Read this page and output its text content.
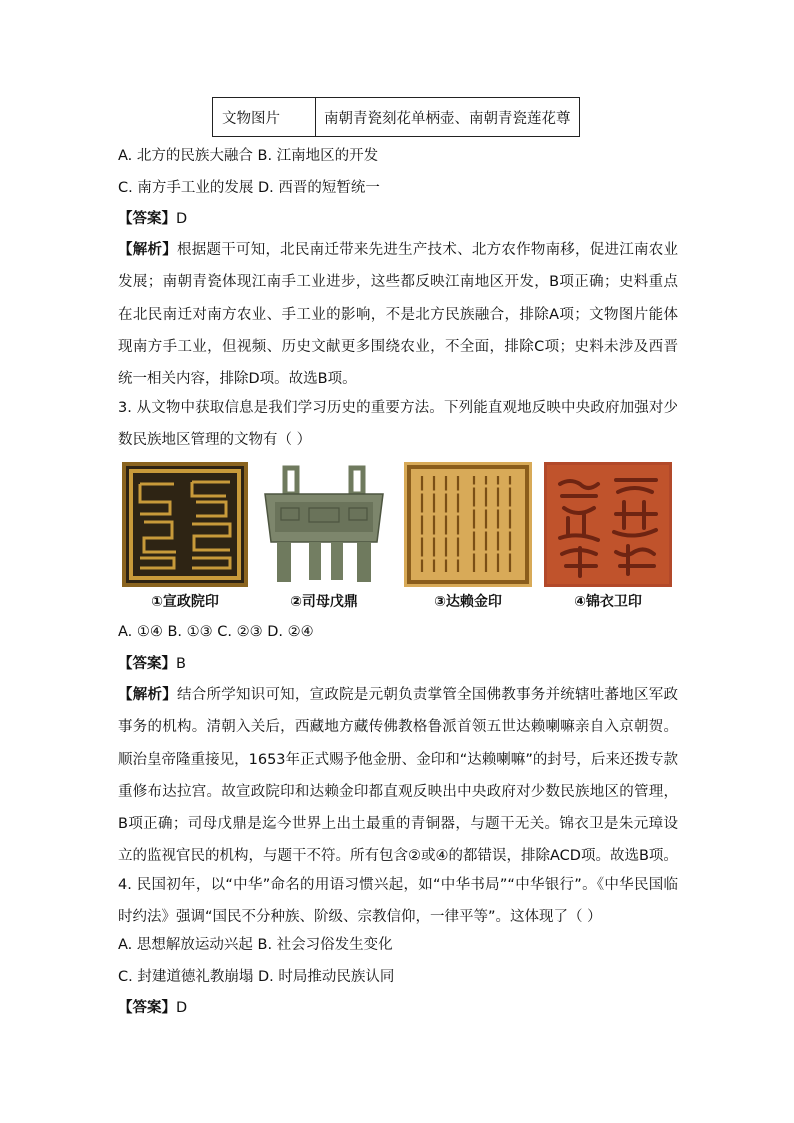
文物图片	南朝青瓷刻花单柄壶、南朝青瓷莲花尊
A. 北方的民族大融合 B. 江南地区的开发
C. 南方手工业的发展 D. 西晋的短暂统一
【答案】D
【解析】根据题干可知，北民南迁带来先进生产技术、北方农作物南移，促进江南农业发展；南朝青瓷体现江南手工业进步，这些都反映江南地区开发，B项正确；史料重点在北民南迁对南方农业、手工业的影响，不是北方民族融合，排除A项；文物图片能体现南方手工业，但视频、历史文献更多围绕农业，不全面，排除C项；史料未涉及西晋统一相关内容，排除D项。故选B项。
3. 从文物中获取信息是我们学习历史的重要方法。下列能直观地反映中央政府加强对少数民族地区管理的文物有（ ）
①宣政院印	②司母戊鼎	③达赖金印	④锦衣卫印
A. ①④ B. ①③ C. ②③ D. ②④
【答案】B
【解析】结合所学知识可知，宣政院是元朝负责掌管全国佛教事务并统辖吐蕃地区军政事务的机构。清朝入关后，西藏地方藏传佛教格鲁派首领五世达赖喇嘛亲自入京朝贺。顺治皇帝隆重接见，1653年正式赐予他金册、金印和“达赖喇嘛”的封号，后来还拨专款重修布达拉宫。故宣政院印和达赖金印都直观反映出中央政府对少数民族地区的管理，B项正确；司母戊鼎是迄今世界上出土最重的青铜器，与题干无关。锦衣卫是朱元璋设立的监视官民的机构，与题干不符。所有包含②或④的都错误，排除ACD项。故选B项。
4. 民国初年，以“中华”命名的用语习惯兴起，如“中华书局”“中华银行”。《中华民国临时约法》强调“国民不分种族、阶级、宗教信仰，一律平等”。这体现了（ ）
A. 思想解放运动兴起 B. 社会习俗发生变化
C. 封建道德礼教崩塌 D. 时局推动民族认同
【答案】D
